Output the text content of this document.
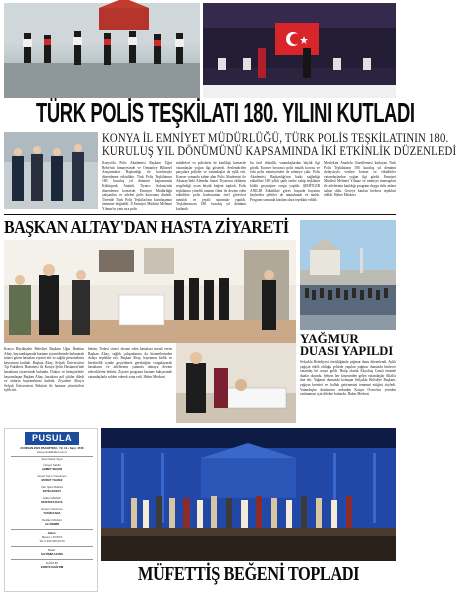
TÜRK POLİS TEŞKİLATI 180. YILINI KUTLADI
KONYA İL EMNİYET MÜDÜRLÜĞÜ, TÜRK POLİS TEŞKİLATININ 180.
KURULUŞ YIL DÖNÜMÜNÜ KAPSAMINDA İKİ ETKİNLİK DÜZENLEDİ
Konya'da Polis Akademisi Başkanı Uğur Bebe'nin himayesinde ve Ormaniye Bilimsel Araştırmalar Başkanlığı ile katılımıyla düzenlenen etkinlikte, Türk Polis Teşkilatının 180. kuruluş yıl dönümü kapsamında Kültürpark Atatürk Tiyatro Salonu'nda düzenlenen konserde, Emniyet Müdürlüğü çalışanları ve aileleri polis korosunu dinledi. Törende Türk Polis Teşkilatı'nın kuruluşunun önemine değinildi. İl Emniyet Müdürü Mehmet Yılmaz'ın yanı sıra polis
müdürleri ve polislerin de katıldığı konserde vatandaşlar yoğun ilgi gösterdi. Seslendirilen parçalara polisler ve vatandaşlar da eşlik etti. Konser sonunda sahne alan Polis Akademisi ile Aksaray'daki Alemdar Sanat Tiyatrosu ekibinin sergilediği oyun büyük beğeni topladı. Polis teşkilatına yönelik tanıtım filmi ile devam eden etkinlikte polis kadrosunun özel görevleri tanıtıldı ve çeşitli sunumlar yapıldı. Teşkilatımızın 180. kuruluş yıl dönümü kutlandı.
bu özel etkinlik, vatandaşlardan büyük ilgi gördü. Konser boyunca polis müzik korosu ve eski polis müzisyenleri de sahneye çıktı. Polis Akademisi Başkanlığı'nın katkı sağladığı etkinlikte 180 yıllık şanlı tarihe sahip teşkilatın köklü geçmişine vurgu yapıldı. ŞEHİTLER ANILDI Etkinlikte görev başında hayatını kaybeden şehitler de unutulmadı ve anıldı. Program sonunda katılımcılara teşekkür edildi.
Meslekini Anadolu Güzellemesi kutlayan Türk Polis Teşkilatının 180. kuruluş yıl dönümü dolayısıyla verilen konser ve etkinlikler vatandaşlardan yoğun ilgi gördü. Emniyet Müdürü Mehmet Yılmaz ve emniyet mensupları ile ailelerinin katıldığı program duygu dolu anlara sahne oldu. Geceye katılan herkese teşekkür edildi. Haber Merkezi
BAŞKAN ALTAY'DAN HASTA ZİYARETİ
Konya Büyükşehir Belediye Başkanı Uğur İbrahim Altay, bayramlaşmada hastane ziyaretlerinde bulunarak tedavi gören hastaları ziyaret etti ve sağlık personelinin bayramını kutladı. Başkan Altay, Selçuk Üniversitesi Tıp Fakültesi Hastanesi ile Konya Şehir Hastanesi'nde hastaların ziyaretinde bulundu. Doktor ve hemşirelerle bayramlaşan Başkan Altay, hastalara acil şifalar diledi ve onların bayramlarını kutladı. Ziyarette Altay'a Selçuk Üniversitesi Rektörü ile hastane yöneticileri eşlik etti.
hekim. Tedavi süreci devam eden hastalara moral veren Başkan Altay, sağlık çalışanlarına da hizmetlerinden dolayı teşekkür etti. Başkan Altay, bayramın birlik ve beraberlik içinde geçirilmesi gerektiğini vurgulayarak hastaların ve ailelerinin yanında olmaya devam edeceklerini belirtti. Ziyaret programı hastane bahçesinde vatandaşlarla sohbet ederek sona erdi. Haber Merkezi
YAĞMUR
DUASI YAPILDI
Selçuklu Belediyesi öncülüğünde yağmur duası düzenlendi. Aylık yağışın etkili olduğu şehirde yapılan yağmur duasında binlerce vatandaş bir araya geldi. Hatip olarak Akyokuş Camii önünde dualar okundu. Şehrin her köşesinden gelen vatandaşlar Allah'a dua etti. Yağmur duasında konuşan Selçuklu Belediye Başkanı, yağışın bereket ve bolluk getirmesini temenni ettiğini söyledi. Vatandaşlar dualarının ardından Konya Ovası'nın yeniden canlanması için dilekte bulundu. Haber Merkezi
PUSULA
23 NİSAN 2024 PAZARTESİ • Yıl: 14 • Sayı: 4730
www.pusulahaber.com.tr
Yerel Süreli Yayın
İmtiyaz Sahibi
AHMET SEÇER
Genel Yayın Yönetmeni
MURAT YILMAZ
Yazı İşleri Müdürü
FATİH AKSOY
Haber Müdürü
MUSTAFA KAYA
Görsel Yönetmen
YASİN KARA
Reklam Müdürü
ALİ DEMİR
Adres:
Meram / KONYA
Tel: 0 332 000 00 00
Baskı:
İLETİŞİM AJANS
DAĞITIM
KONYA DAĞITIM	MÜFETTİŞ BEĞENİ TOPLADI
